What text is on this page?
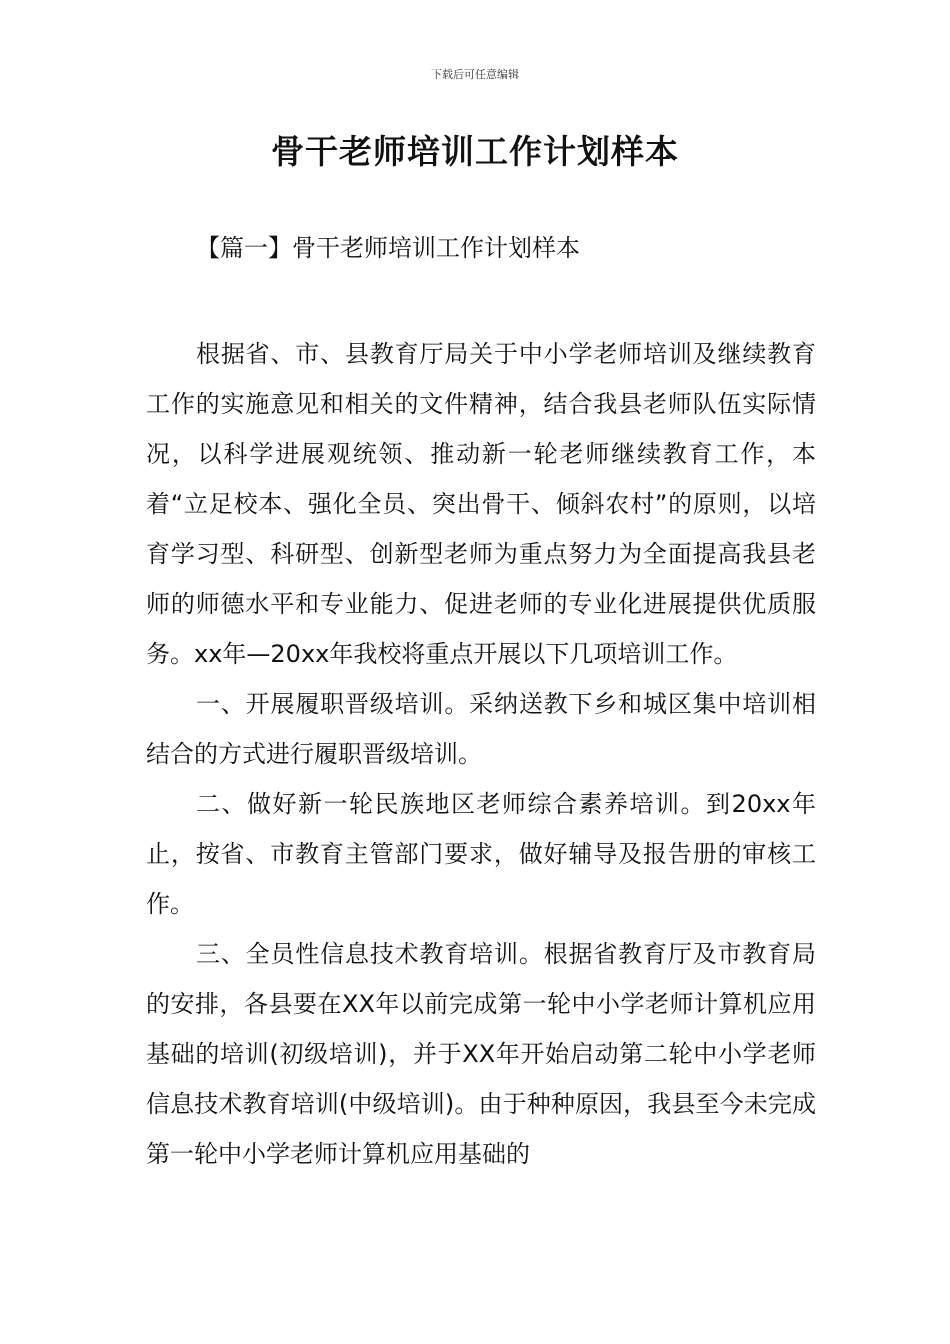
下载后可任意编辑
骨干老师培训工作计划样本
【篇一】骨干老师培训工作计划样本

根据省、市、县教育厅局关于中小学老师培训及继续教育工作的实施意见和相关的文件精神，结合我县老师队伍实际情况，以科学进展观统领、推动新一轮老师继续教育工作，本着“立足校本、强化全员、突出骨干、倾斜农村”的原则，以培育学习型、科研型、创新型老师为重点努力为全面提高我县老师的师德水平和专业能力、促进老师的专业化进展提供优质服务。xx年—20xx年我校将重点开展以下几项培训工作。

一、开展履职晋级培训。采纳送教下乡和城区集中培训相结合的方式进行履职晋级培训。

二、做好新一轮民族地区老师综合素养培训。到20xx年止，按省、市教育主管部门要求，做好辅导及报告册的审核工作。

三、全员性信息技术教育培训。根据省教育厅及市教育局的安排，各县要在XX年以前完成第一轮中小学老师计算机应用基础的培训(初级培训)，并于XX年开始启动第二轮中小学老师信息技术教育培训(中级培训)。由于种种原因，我县至今未完成第一轮中小学老师计算机应用基础的
